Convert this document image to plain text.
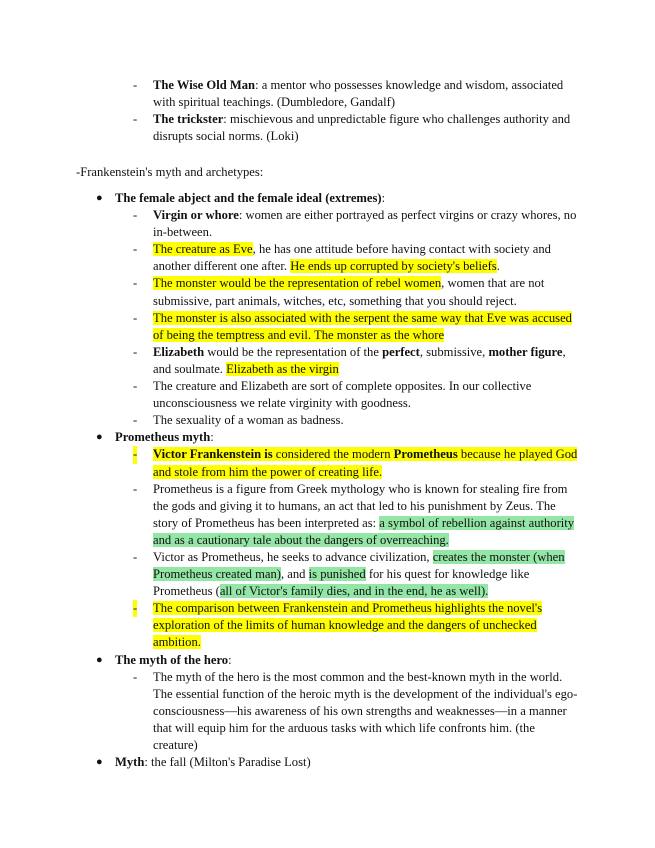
- The Wise Old Man: a mentor who possesses knowledge and wisdom, associated with spiritual teachings. (Dumbledore, Gandalf)
- The trickster: mischievous and unpredictable figure who challenges authority and disrupts social norms. (Loki)
-Frankenstein's myth and archetypes:
● The female abject and the female ideal (extremes):
- Virgin or whore: women are either portrayed as perfect virgins or crazy whores, no in-between.
- The creature as Eve, he has one attitude before having contact with society and another different one after. He ends up corrupted by society's beliefs.
- The monster would be the representation of rebel women, women that are not submissive, part animals, witches, etc, something that you should reject.
- The monster is also associated with the serpent the same way that Eve was accused of being the temptress and evil. The monster as the whore
- Elizabeth would be the representation of the perfect, submissive, mother figure, and soulmate. Elizabeth as the virgin
- The creature and Elizabeth are sort of complete opposites. In our collective unconsciousness we relate virginity with goodness.
- The sexuality of a woman as badness.
● Prometheus myth:
- Victor Frankenstein is considered the modern Prometheus because he played God and stole from him the power of creating life.
- Prometheus is a figure from Greek mythology who is known for stealing fire from the gods and giving it to humans, an act that led to his punishment by Zeus. The story of Prometheus has been interpreted as: a symbol of rebellion against authority and as a cautionary tale about the dangers of overreaching.
- Victor as Prometheus, he seeks to advance civilization, creates the monster (when Prometheus created man), and is punished for his quest for knowledge like Prometheus (all of Victor's family dies, and in the end, he as well).
- The comparison between Frankenstein and Prometheus highlights the novel's exploration of the limits of human knowledge and the dangers of unchecked ambition.
● The myth of the hero:
- The myth of the hero is the most common and the best-known myth in the world. The essential function of the heroic myth is the development of the individual's ego-consciousness—his awareness of his own strengths and weaknesses—in a manner that will equip him for the arduous tasks with which life confronts him. (the creature)
● Myth: the fall (Milton's Paradise Lost)
